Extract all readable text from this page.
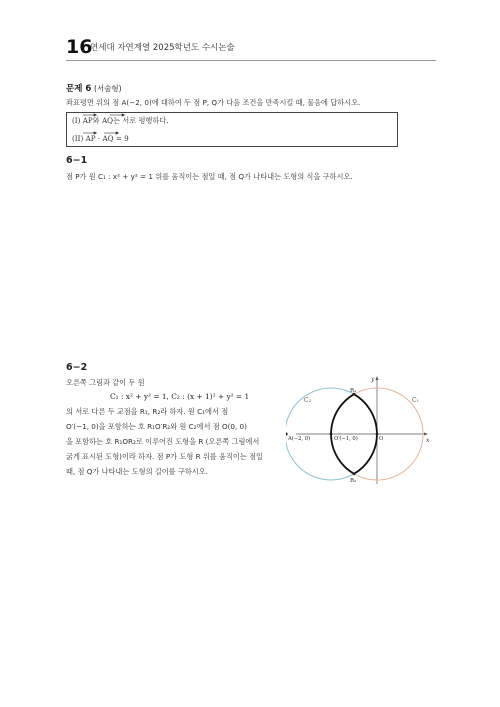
16
연세대 자연계열 2025학년도 수시논술
문제 6 (서술형)
좌표평면 위의 점 A(−2, 0)에 대하여 두 점 P, Q가 다음 조건을 만족시킬 때, 물음에 답하시오.
(I) AP와 AQ는 서로 평행하다.
(II) AP · AQ = 9
6−1
점 P가 원 C₁ : x² + y² = 1 위를 움직이는 점일 때, 점 Q가 나타내는 도형의 식을 구하시오.
6−2
오른쪽 그림과 같이 두 원
C₁ : x² + y² = 1, C₂ : (x + 1)² + y² = 1
의 서로 다른 두 교점을 R₁, R₂라 하자. 원 C₁에서 점
O′(−1, 0)을 포함하는 호 R₁O′R₂와 원 C₂에서 점 O(0, 0)
을 포함하는 호 R₁OR₂로 이루어진 도형을 R (오른쪽 그림에서
굵게 표시된 도형)이라 하자. 점 P가 도형 R 위를 움직이는 점일
때, 점 Q가 나타내는 도형의 길이를 구하시오.
C₂	C₁
x
y
R₁
R₂
A(−2, 0)	O′(−1, 0)	O
